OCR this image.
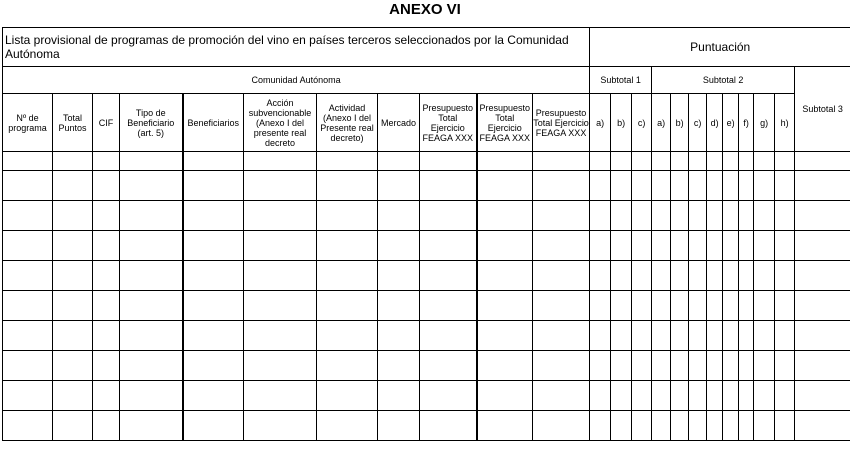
ANEXO VI
Lista provisional de programas de promoción del vino en países terceros seleccionados por la Comunidad Autónoma											Puntuación											
Comunidad Autónoma											Subtotal 1			Subtotal 2								Subtotal 3
Nº de programa	Total Puntos	CIF	Tipo de Beneficiario (art. 5)	Beneficiarios	Acción subvencionable (Anexo I del presente real decreto	Actividad (Anexo I del Presente real decreto)	Mercado	Presupuesto Total Ejercicio FEAGA XXX	Presupuesto Total Ejercicio FEAGA XXX	Presupuesto Total Ejercicio FEAGA XXX	a)	b)	c)	a)	b)	c)	d)	e)	f)	g)	h)	
